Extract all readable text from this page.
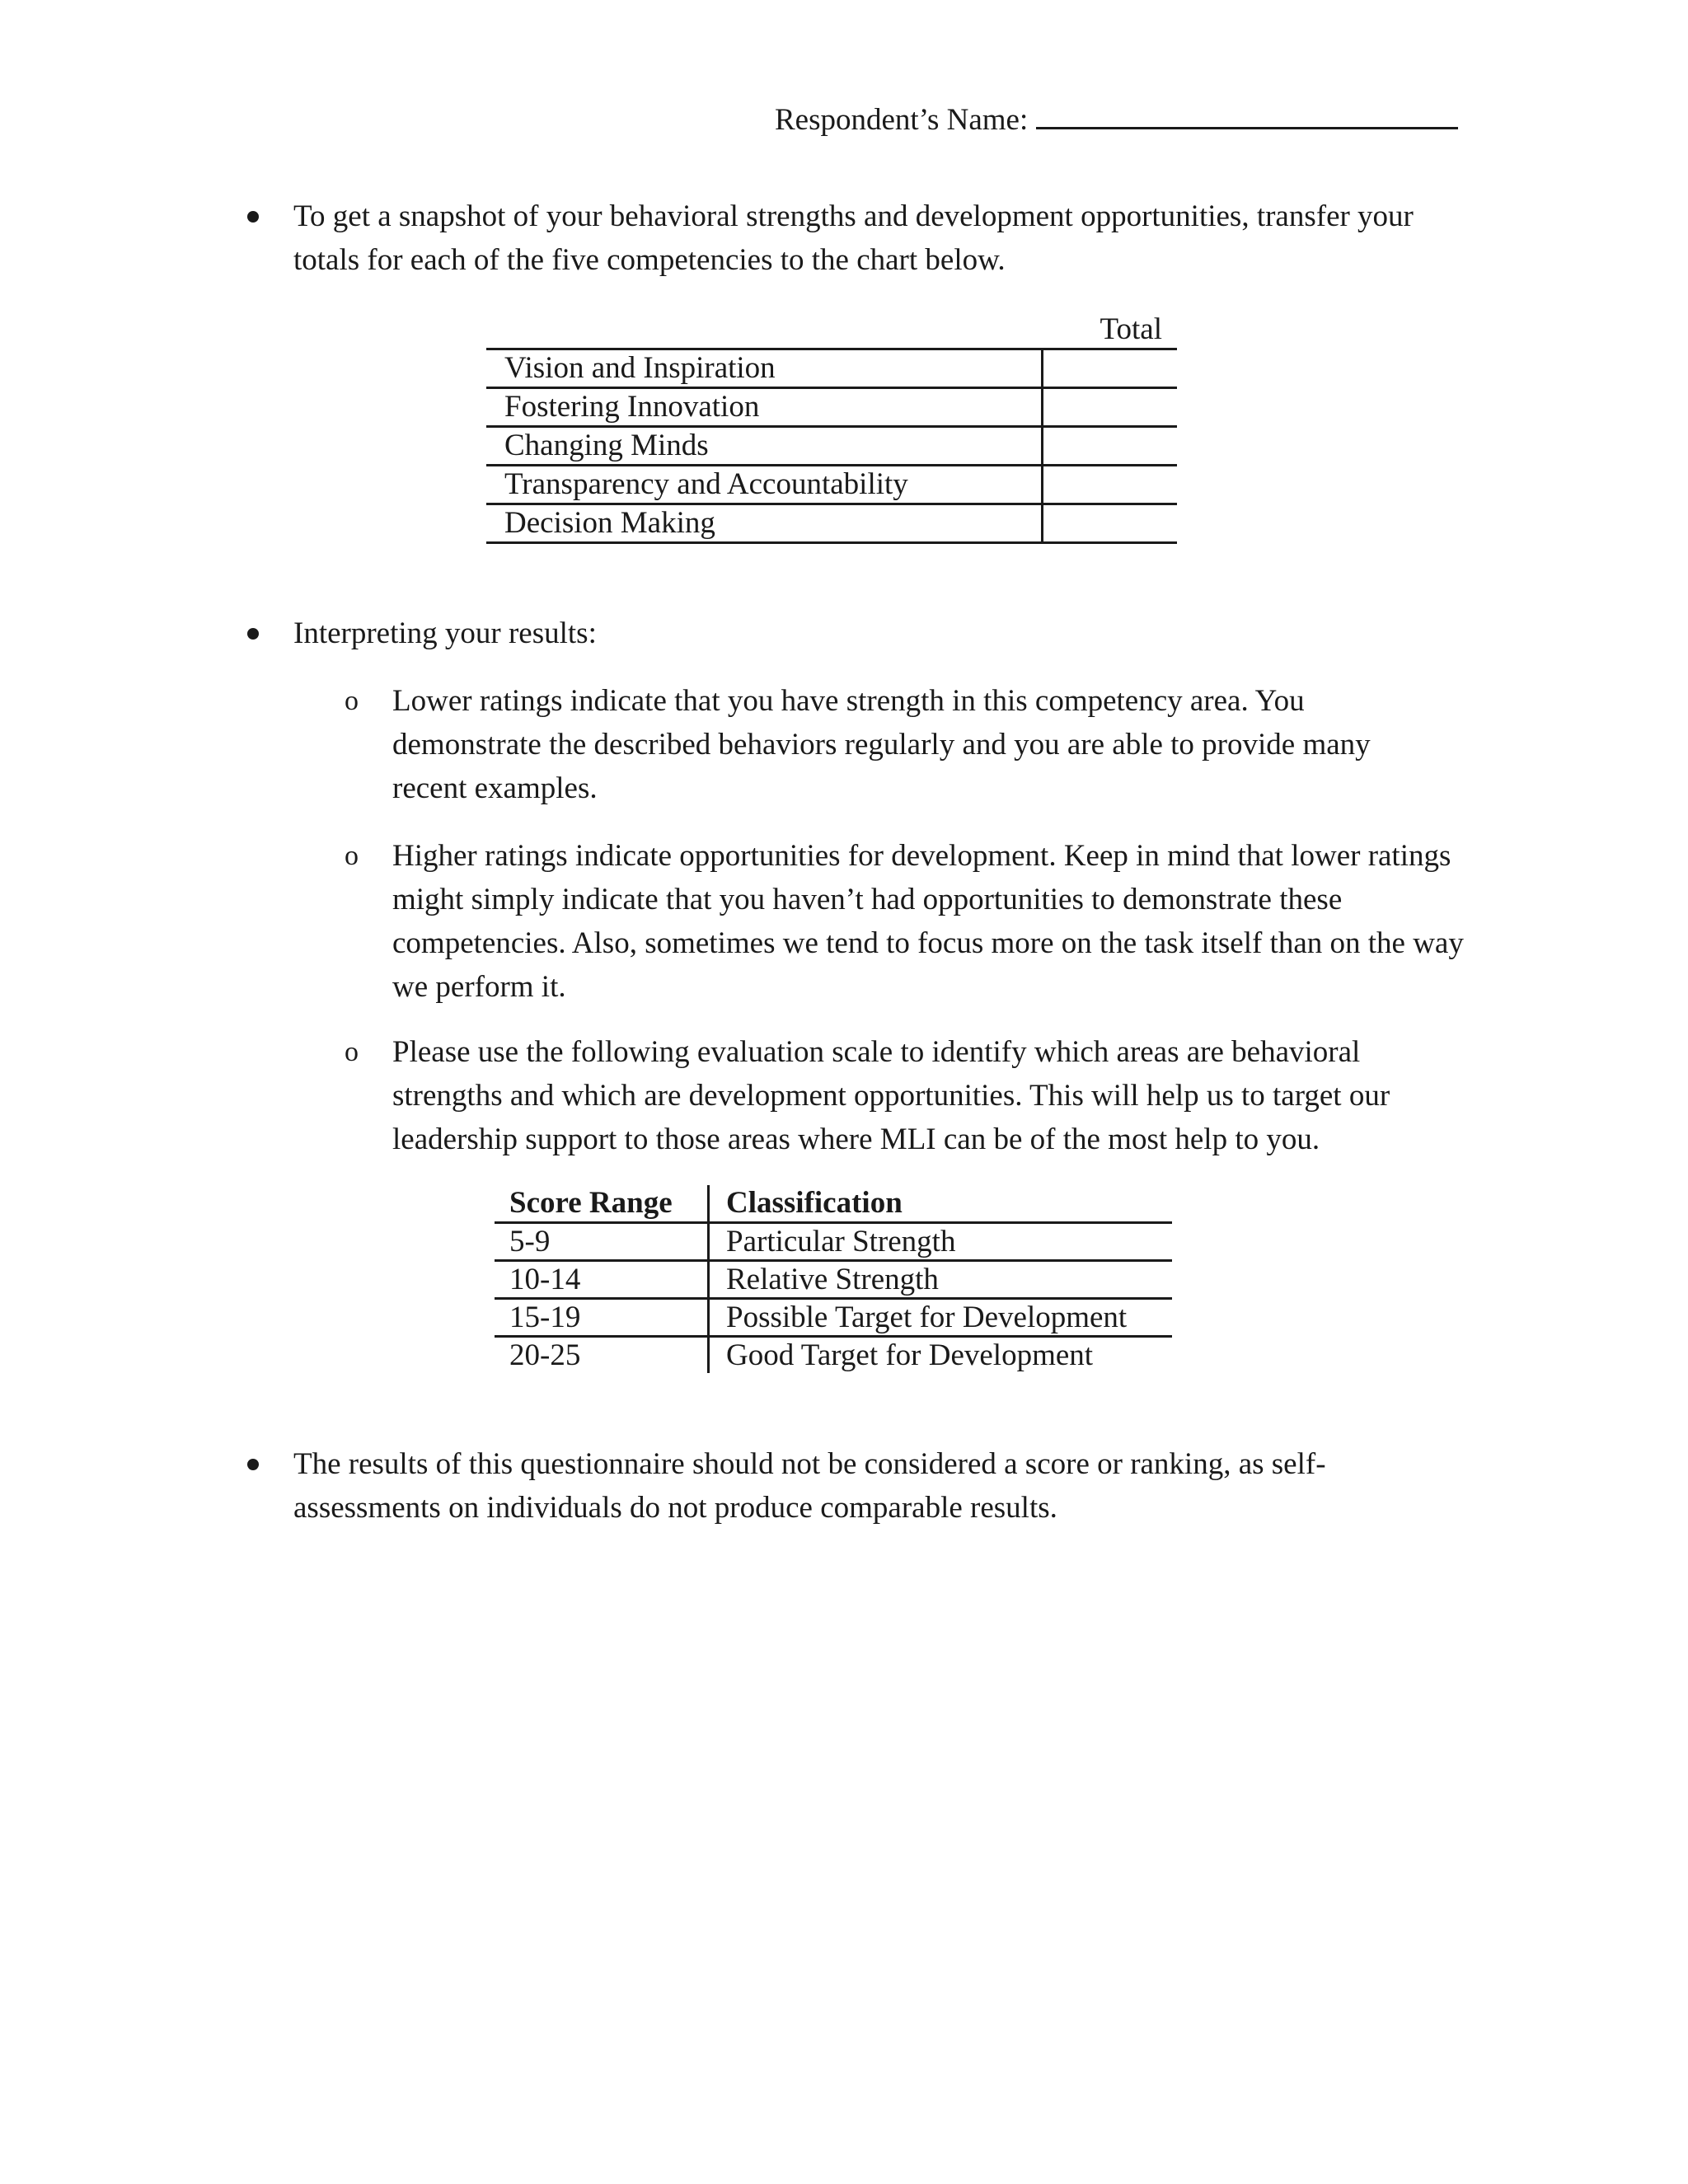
Respondent’s Name:
To get a snapshot of your behavioral strengths and development opportunities, transfer your totals for each of the five competencies to the chart below.
	Total
Vision and Inspiration	
Fostering Innovation	
Changing Minds	
Transparency and Accountability	
Decision Making	
Interpreting your results:
o Lower ratings indicate that you have strength in this competency area. You demonstrate the described behaviors regularly and you are able to provide many recent examples.
o Higher ratings indicate opportunities for development. Keep in mind that lower ratings might simply indicate that you haven’t had opportunities to demonstrate these competencies. Also, sometimes we tend to focus more on the task itself than on the way we perform it.
o Please use the following evaluation scale to identify which areas are behavioral strengths and which are development opportunities. This will help us to target our leadership support to those areas where MLI can be of the most help to you.
Score Range	Classification
5-9	Particular Strength
10-14	Relative Strength
15-19	Possible Target for Development
20-25	Good Target for Development
The results of this questionnaire should not be considered a score or ranking, as self-assessments on individuals do not produce comparable results.
